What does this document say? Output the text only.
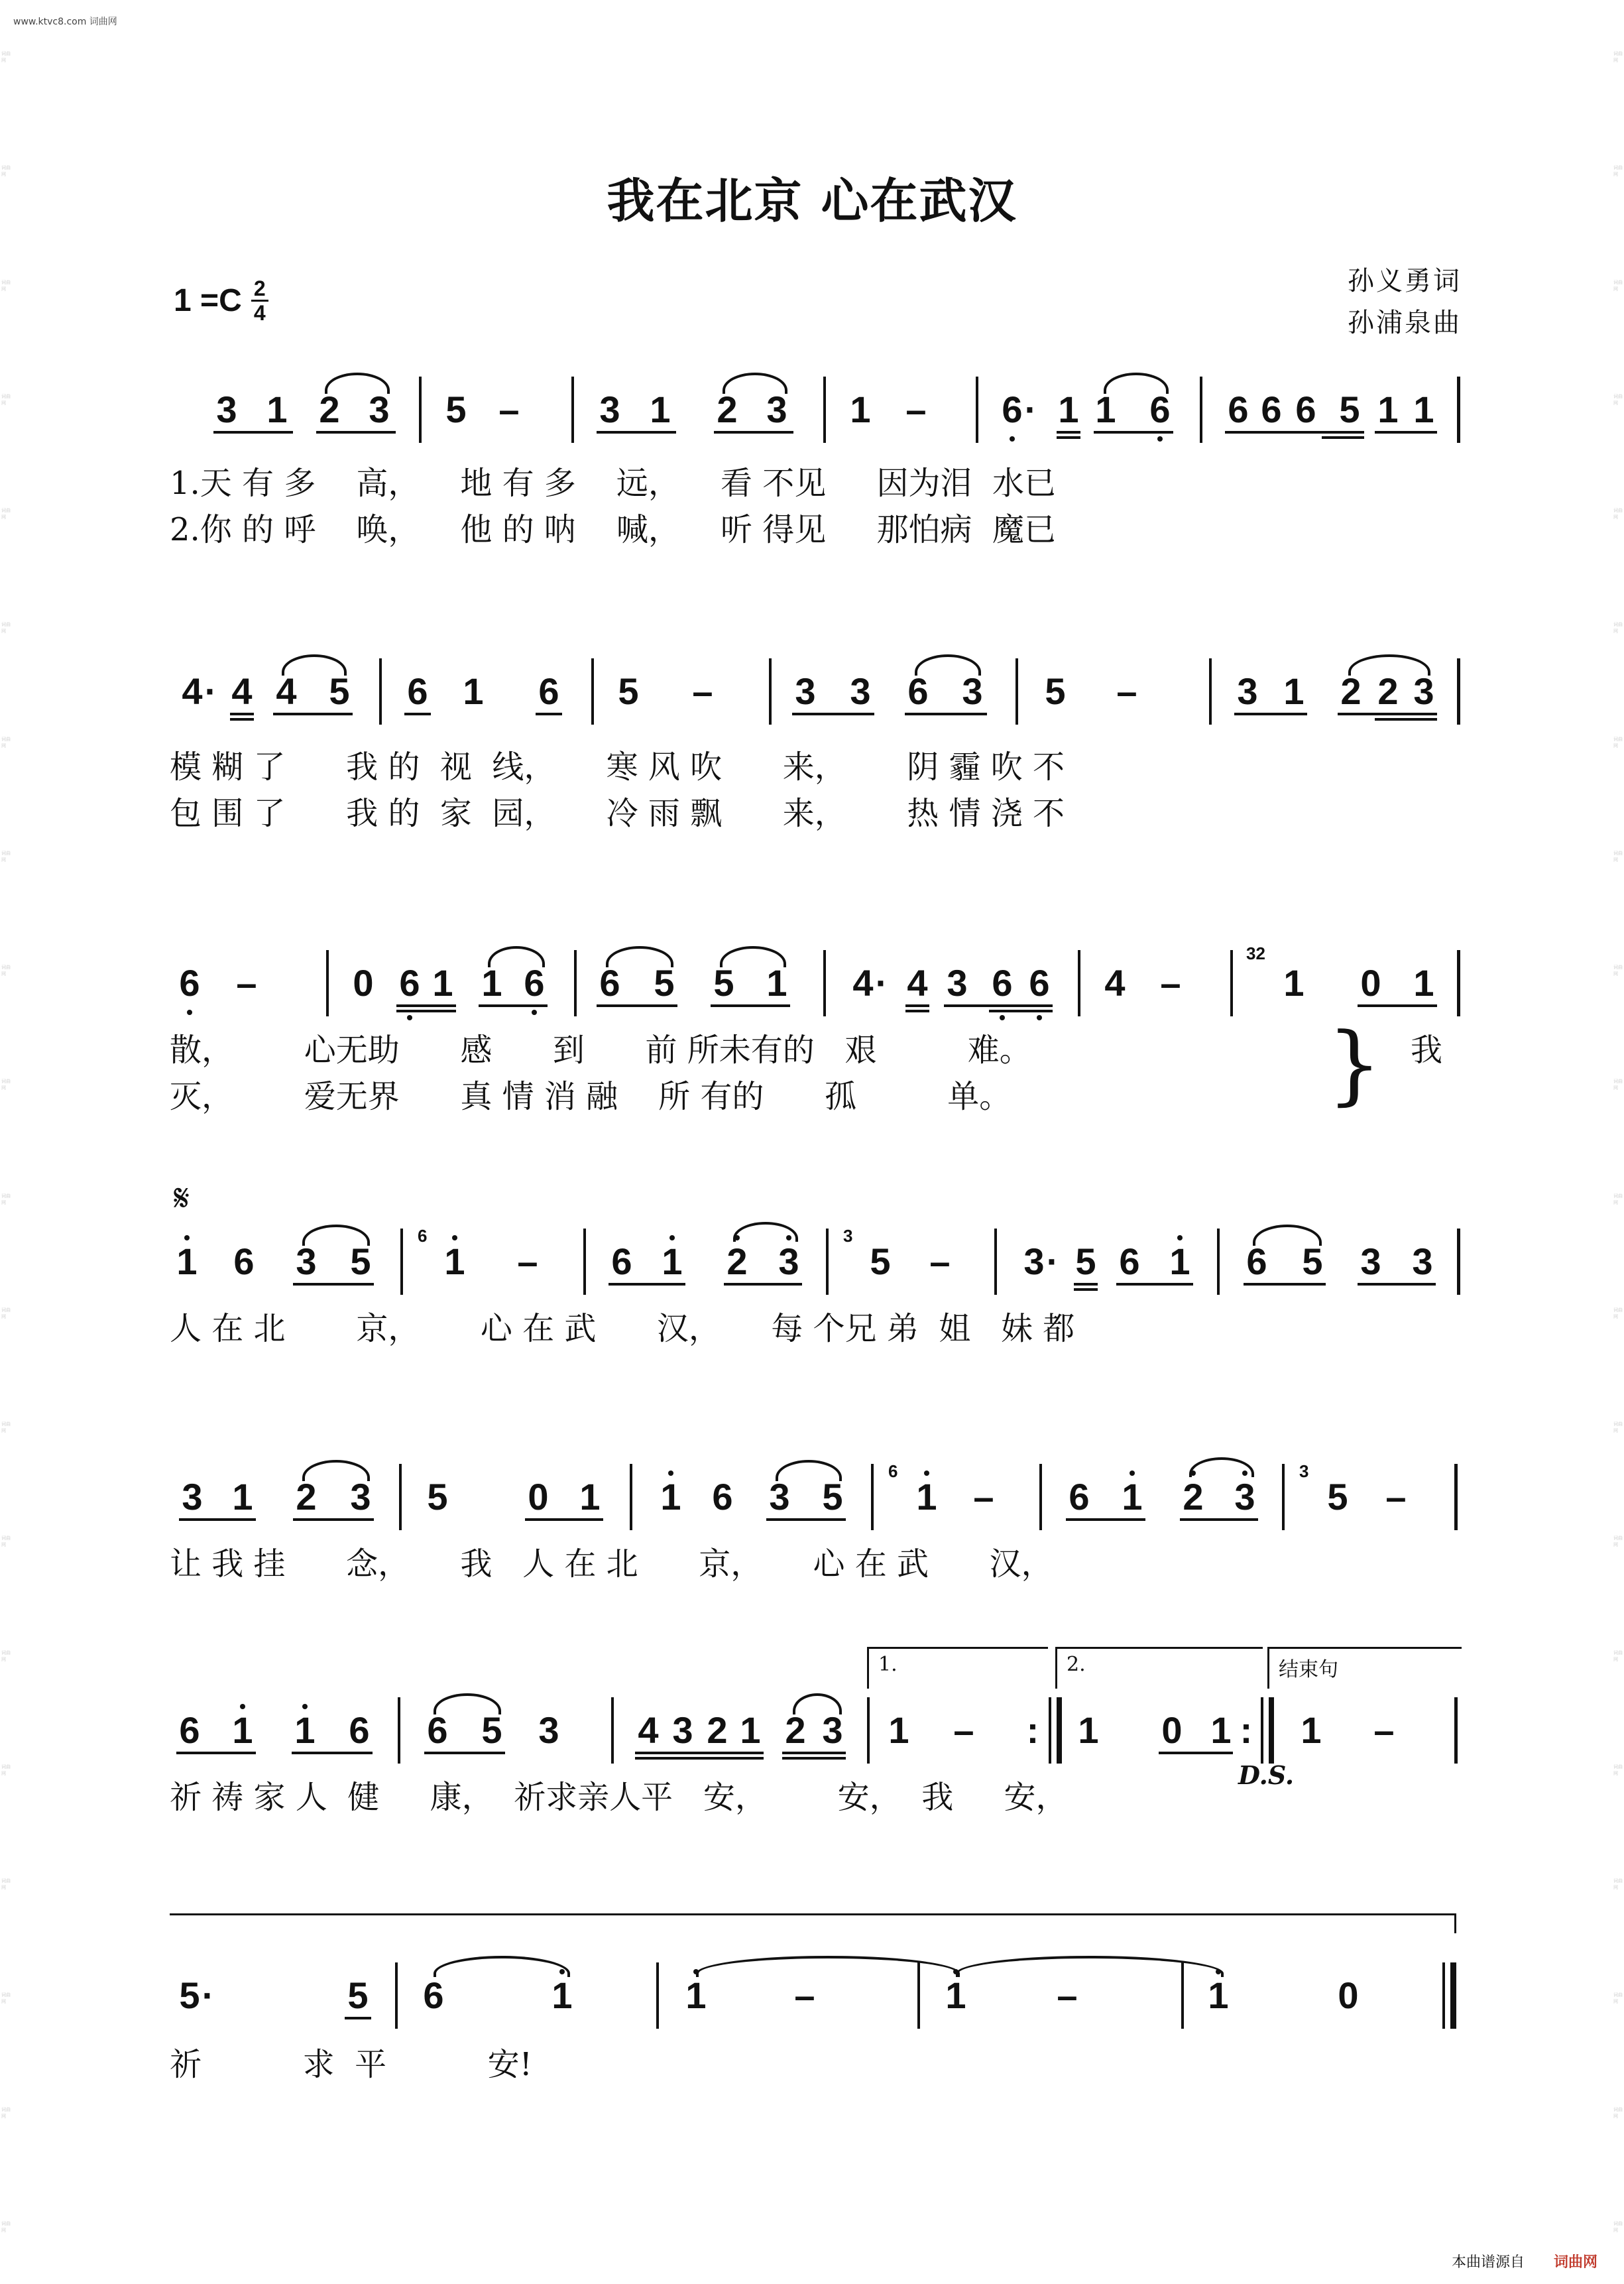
词曲网
词曲网
词曲网
词曲网
词曲网
词曲网
词曲网
词曲网
词曲网
词曲网
词曲网
词曲网
词曲网
词曲网
词曲网
词曲网
词曲网
词曲网
词曲网
词曲网
词曲网
词曲网
词曲网
词曲网
词曲网
词曲网
词曲网
词曲网
词曲网
词曲网
词曲网
词曲网
词曲网
词曲网
词曲网
词曲网
词曲网
词曲网
词曲网
词曲网
www.ktvc8.com 词曲网
我在北京 心在武汉
$1 =C \frac{2}{4}$	孙义勇词
孙浦泉曲
3 1 2 3 5 – 3 1 2 3 1 – 6 · 1 1 6 6 6 6 5 1 1
1.天 有 多    高，    地 有 多    远，    看 不见     因为泪  水已
2.你 的 呼    唤，    他 的 呐    喊，    听 得见     那怕病  魔已
4 · 4 4 5 6 1 6 5 – 3 3 6 3 5 –	3 1 2 2 3
模 糊 了      我 的  视  线，     寒 风 吹      来，      阴 霾 吹 不
包 围 了      我 的  家  园，     冷 雨 飘      来，      热 情 浇 不
6 –	0 6 1 1 6 6 5 5 1 4 · 4 3 6 6 4 –
32
1 0 1
散，       心无助      感      到      前 所未有的   艰         难。
灭，       爱无界      真 情 消 融    所 有的      孤         单。	} 我
𝄋
1 6 3 5
6
1 – 6 1 2 3
3
5 – 3 · 5 6 1 6 5 3 3
人 在 北       京，      心 在 武      汉，     每 个兄 弟  姐   妹 都
3 1 2 3 5 0 1 1 6 3 5
6
1 – 6 1 2 3
3
5 –
让 我 挂      念，     我   人 在 北      京，     心 在 武      汉，
1.	2.	结束句
6 1 1 6 6 5 3 4 3 2 1 2 3 1 – : 1 0 1 : 1 –
D.S.
祈 祷 家 人  健     康，  祈求亲人平   安，       安，  我     安，
5 ·	5 6	1	1 –	1 –	1	0
祈          求  平          安!
本曲谱源自 词曲网
